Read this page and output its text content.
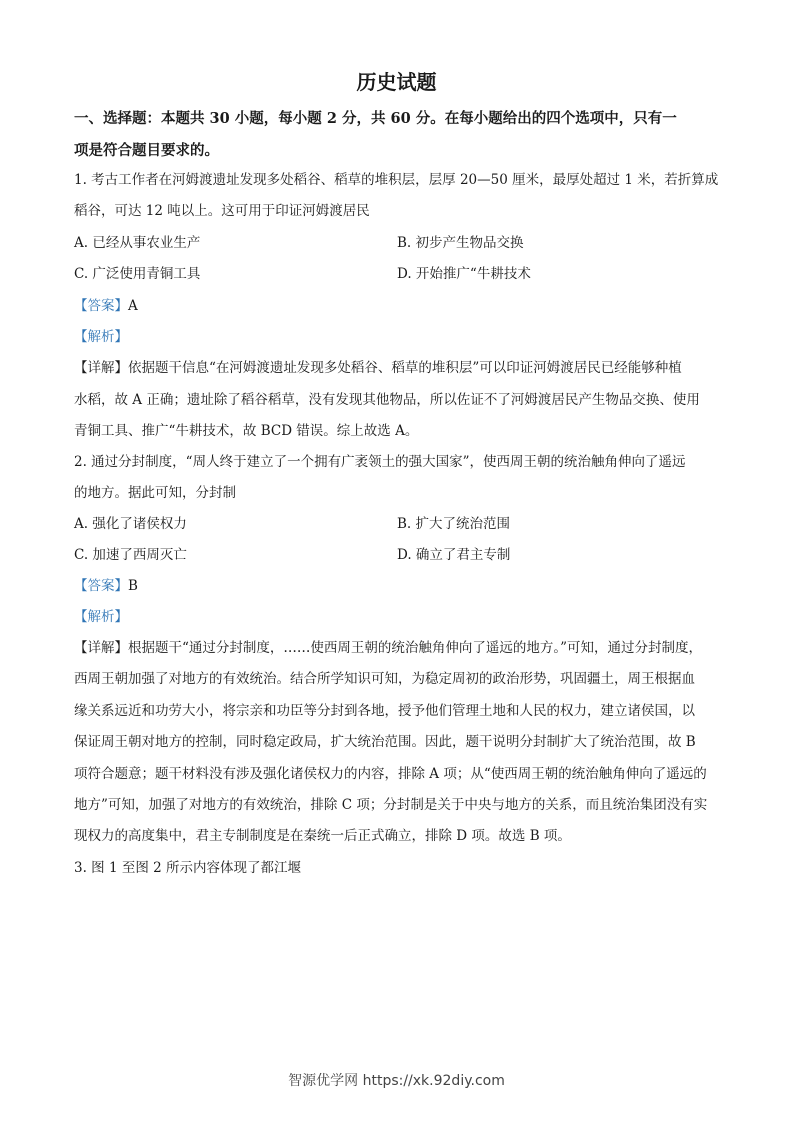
历史试题
一、选择题：本题共 30 小题，每小题 2 分，共 60 分。在每小题给出的四个选项中，只有一
项是符合题目要求的。
1. 考古工作者在河姆渡遗址发现多处稻谷、稻草的堆积层，层厚 20—50 厘米，最厚处超过 1 米，若折算成
稻谷，可达 12 吨以上。这可用于印证河姆渡居民
A. 已经从事农业生产	B. 初步产生物品交换
C. 广泛使用青铜工具	D. 开始推广“牛耕技术
【答案】A
【解析】
【详解】依据题干信息“在河姆渡遗址发现多处稻谷、稻草的堆积层”可以印证河姆渡居民已经能够种植
水稻，故 A 正确；遗址除了稻谷稻草，没有发现其他物品，所以佐证不了河姆渡居民产生物品交换、使用
青铜工具、推广“牛耕技术，故 BCD 错误。综上故选 A。
2. 通过分封制度，“周人终于建立了一个拥有广袤领土的强大国家”，使西周王朝的统治触角伸向了遥远
的地方。据此可知，分封制
A. 强化了诸侯权力	B. 扩大了统治范围
C. 加速了西周灭亡	D. 确立了君主专制
【答案】B
【解析】
【详解】根据题干“通过分封制度，……使西周王朝的统治触角伸向了遥远的地方。”可知，通过分封制度，
西周王朝加强了对地方的有效统治。结合所学知识可知，为稳定周初的政治形势，巩固疆土，周王根据血
缘关系远近和功劳大小，将宗亲和功臣等分封到各地，授予他们管理土地和人民的权力，建立诸侯国，以
保证周王朝对地方的控制，同时稳定政局，扩大统治范围。因此，题干说明分封制扩大了统治范围，故 B
项符合题意；题干材料没有涉及强化诸侯权力的内容，排除 A 项；从“使西周王朝的统治触角伸向了遥远的
地方”可知，加强了对地方的有效统治，排除 C 项；分封制是关于中央与地方的关系，而且统治集团没有实
现权力的高度集中，君主专制制度是在秦统一后正式确立，排除 D 项。故选 B 项。
3. 图 1 至图 2 所示内容体现了都江堰
智源优学网 https://xk.92diy.com
